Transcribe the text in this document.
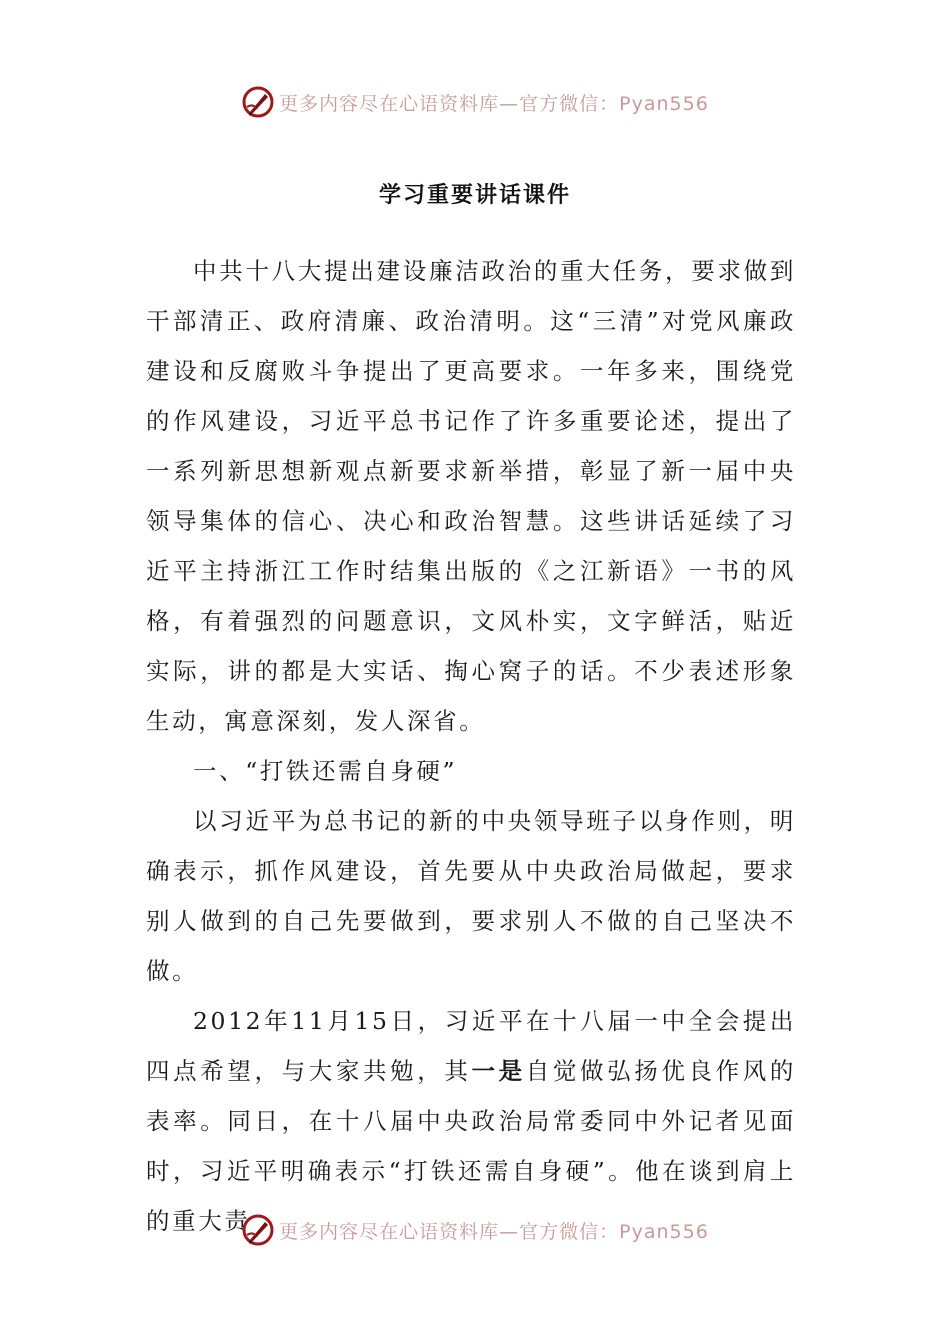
更多内容尽在心语资料库—官方微信：Pyan556
学习重要讲话课件

中共十八大提出建设廉洁政治的重大任务，要求做到干部清正、政府清廉、政治清明。这“三清”对党风廉政建设和反腐败斗争提出了更高要求。一年多来，围绕党的作风建设，习近平总书记作了许多重要论述，提出了一系列新思想新观点新要求新举措，彰显了新一届中央领导集体的信心、决心和政治智慧。这些讲话延续了习近平主持浙江工作时结集出版的《之江新语》一书的风格，有着强烈的问题意识，文风朴实，文字鲜活，贴近实际，讲的都是大实话、掏心窝子的话。不少表述形象生动，寓意深刻，发人深省。

一、“打铁还需自身硬”

以习近平为总书记的新的中央领导班子以身作则，明确表示，抓作风建设，首先要从中央政治局做起，要求别人做到的自己先要做到，要求别人不做的自己坚决不做。

2012年11月15日，习近平在十八届一中全会提出四点希望，与大家共勉，其一是自觉做弘扬优良作风的表率。同日，在十八届中央政治局常委同中外记者见面时，习近平明确表示“打铁还需自身硬”。他在谈到肩上的重大责	更多内容尽在心语资料库—官方微信：Pyan556
